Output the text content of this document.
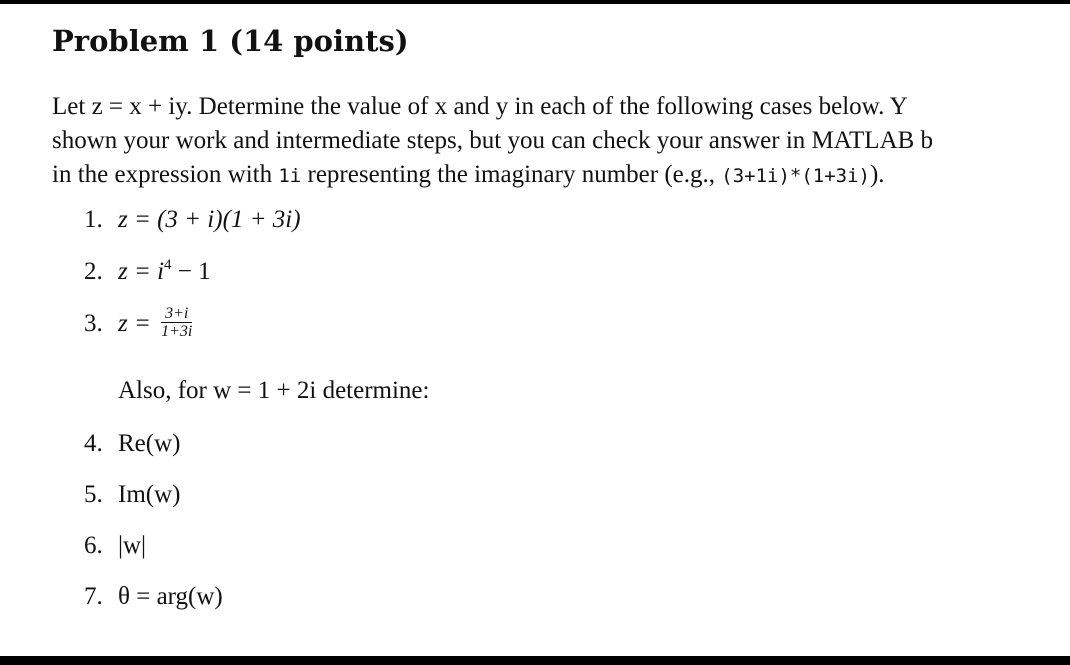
Problem 1 (14 points)
Let z = x + iy. Determine the value of x and y in each of the following cases below. Y
shown your work and intermediate steps, but you can check your answer in MATLAB b
in the expression with 1i representing the imaginary number (e.g., (3+1i)*(1+3i)).
1. z = (3 + i)(1 + 3i)
2. $z = i^4 - 1$
3. $z = \frac{3+i}{1+3i}$
Also, for w = 1 + 2i determine:
4. Re(w)
5. Im(w)
6. |w|
7. θ = arg(w)
